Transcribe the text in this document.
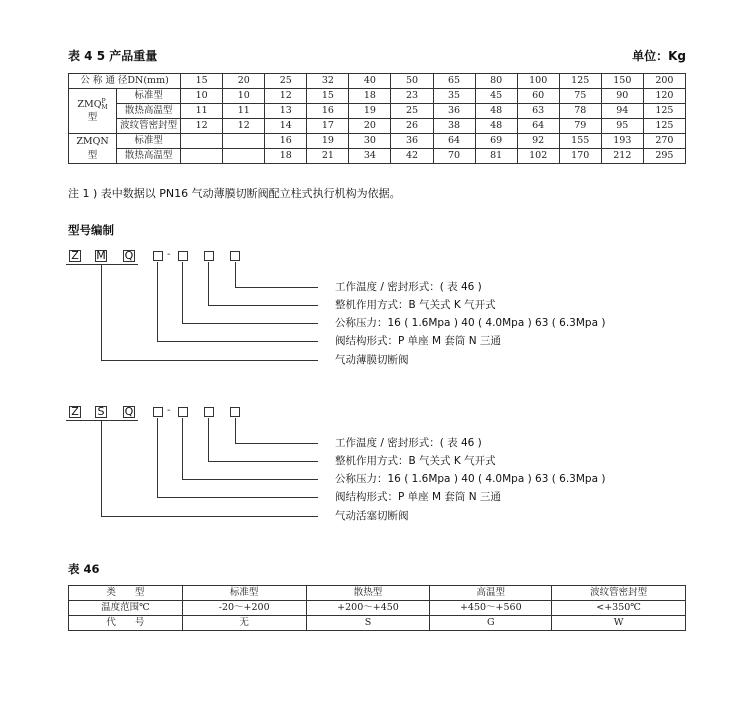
表 4 5 产品重量	单位：Kg
公 称 通 径DN(mm)		15	20	25	32	40	50	65	80	100	125	150	200
ZMQP
M
型	标准型	10	10	12	15	18	23	35	45	60	75	90	120
	散热高温型	11	11	13	16	19	25	36	48	63	78	94	125
	波纹管密封型	12	12	14	17	20	26	38	48	64	79	95	125
ZMQN
型	标准型			16	19	30	36	64	69	92	155	193	270
	散热高温型			18	21	34	42	70	81	102	170	212	295
注 1 ) 表中数据以 PN16 气动薄膜切断阀配立柱式执行机构为依据。
型号编制
Z M Q	-
工作温度 / 密封形式：( 表 46 )
整机作用方式：B 气关式 K 气开式
公称压力：16 ( 1.6Mpa ) 40 ( 4.0Mpa ) 63 ( 6.3Mpa )
阀结构形式：P 单座 M 套筒 N 三通
气动薄膜切断阀
Z S Q	-
工作温度 / 密封形式：( 表 46 )
整机作用方式：B 气关式 K 气开式
公称压力：16 ( 1.6Mpa ) 40 ( 4.0Mpa ) 63 ( 6.3Mpa )
阀结构形式：P 单座 M 套筒 N 三通
气动活塞切断阀
表 46
类　　型	标准型	散热型	高温型	波纹管密封型
温度范围℃	-20～+200	+200～+450	+450～+560	<+350℃
代　　号	无	S	G	W
